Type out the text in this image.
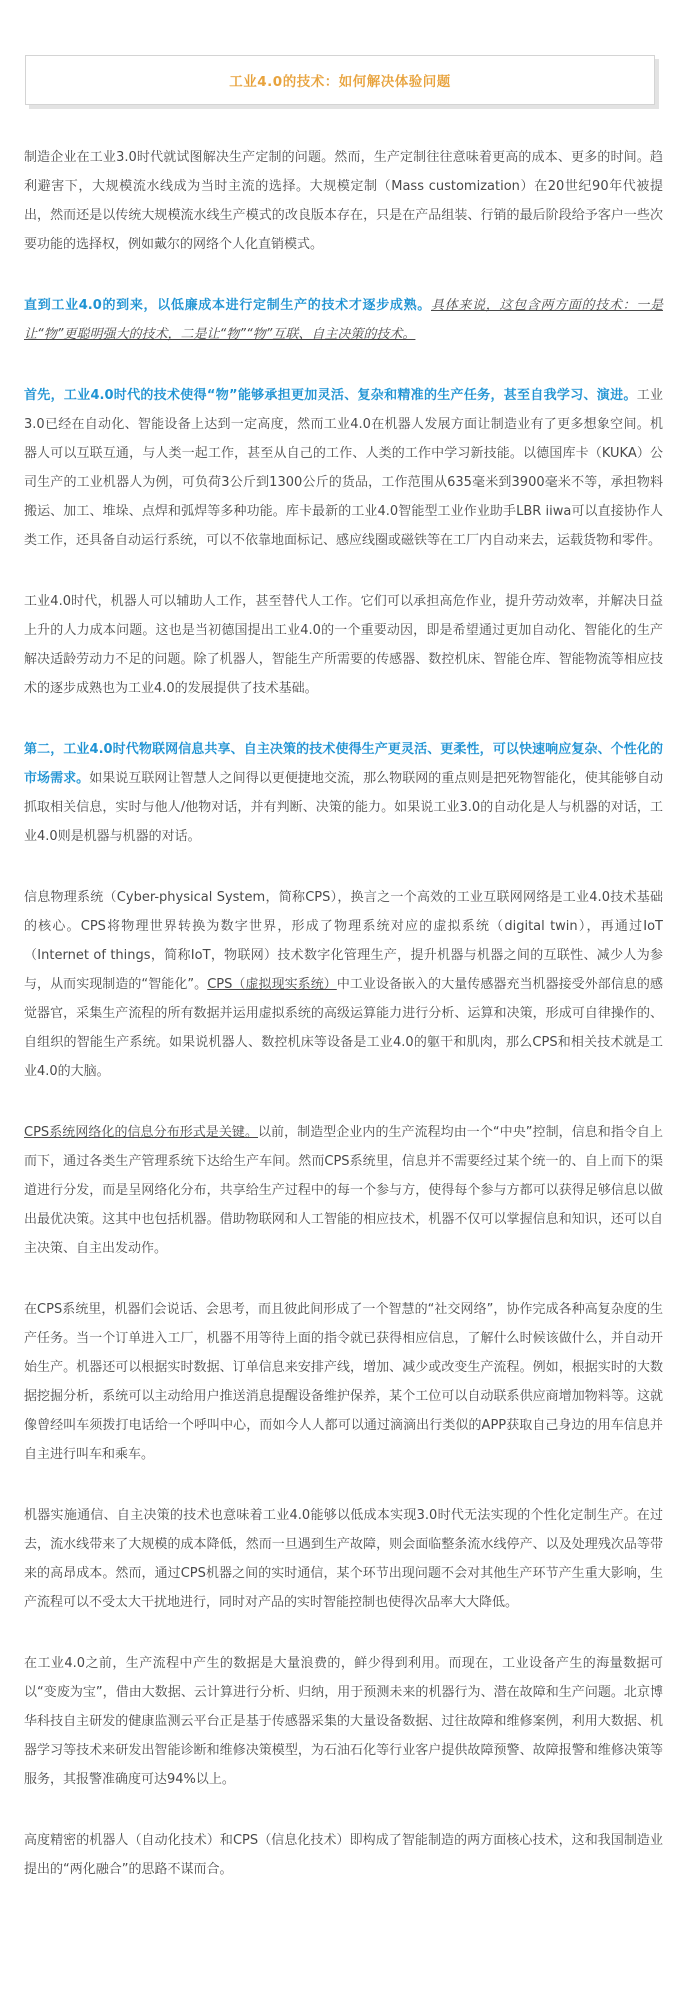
工业4.0的技术：如何解决体验问题

制造企业在工业3.0时代就试图解决生产定制的问题。然而，生产定制往往意味着更高的成本、更多的时间。趋利避害下，大规模流水线成为当时主流的选择。大规模定制（Mass customization）在20世纪90年代被提出，然而还是以传统大规模流水线生产模式的改良版本存在，只是在产品组装、行销的最后阶段给予客户一些次要功能的选择权，例如戴尔的网络个人化直销模式。

直到工业4.0的到来，以低廉成本进行定制生产的技术才逐步成熟。具体来说，这包含两方面的技术：一是让“物”更聪明强大的技术，二是让“物”“物”互联、自主决策的技术。

首先，工业4.0时代的技术使得“物”能够承担更加灵活、复杂和精准的生产任务，甚至自我学习、演进。工业3.0已经在自动化、智能设备上达到一定高度，然而工业4.0在机器人发展方面让制造业有了更多想象空间。机器人可以互联互通，与人类一起工作，甚至从自己的工作、人类的工作中学习新技能。以德国库卡（KUKA）公司生产的工业机器人为例，可负荷3公斤到1300公斤的货品，工作范围从635毫米到3900毫米不等，承担物料搬运、加工、堆垛、点焊和弧焊等多种功能。库卡最新的工业4.0智能型工业作业助手LBR iiwa可以直接协作人类工作，还具备自动运行系统，可以不依靠地面标记、感应线圈或磁铁等在工厂内自动来去，运载货物和零件。

工业4.0时代，机器人可以辅助人工作，甚至替代人工作。它们可以承担高危作业，提升劳动效率，并解决日益上升的人力成本问题。这也是当初德国提出工业4.0的一个重要动因，即是希望通过更加自动化、智能化的生产解决适龄劳动力不足的问题。除了机器人，智能生产所需要的传感器、数控机床、智能仓库、智能物流等相应技术的逐步成熟也为工业4.0的发展提供了技术基础。

第二，工业4.0时代物联网信息共享、自主决策的技术使得生产更灵活、更柔性，可以快速响应复杂、个性化的市场需求。如果说互联网让智慧人之间得以更便捷地交流，那么物联网的重点则是把死物智能化，使其能够自动抓取相关信息，实时与他人/他物对话，并有判断、决策的能力。如果说工业3.0的自动化是人与机器的对话，工业4.0则是机器与机器的对话。

信息物理系统（Cyber-physical System，简称CPS），换言之一个高效的工业互联网网络是工业4.0技术基础的核心。CPS将物理世界转换为数字世界，形成了物理系统对应的虚拟系统（digital twin），再通过IoT（Internet of things，简称IoT，物联网）技术数字化管理生产，提升机器与机器之间的互联性、减少人为参与，从而实现制造的“智能化”。CPS（虚拟现实系统）中工业设备嵌入的大量传感器充当机器接受外部信息的感觉器官，采集生产流程的所有数据并运用虚拟系统的高级运算能力进行分析、运算和决策，形成可自律操作的、自组织的智能生产系统。如果说机器人、数控机床等设备是工业4.0的躯干和肌肉，那么CPS和相关技术就是工业4.0的大脑。

CPS系统网络化的信息分布形式是关键。以前，制造型企业内的生产流程均由一个“中央”控制，信息和指令自上而下，通过各类生产管理系统下达给生产车间。然而CPS系统里，信息并不需要经过某个统一的、自上而下的渠道进行分发，而是呈网络化分布，共享给生产过程中的每一个参与方，使得每个参与方都可以获得足够信息以做出最优决策。这其中也包括机器。借助物联网和人工智能的相应技术，机器不仅可以掌握信息和知识，还可以自主决策、自主出发动作。

在CPS系统里，机器们会说话、会思考，而且彼此间形成了一个智慧的“社交网络”，协作完成各种高复杂度的生产任务。当一个订单进入工厂，机器不用等待上面的指令就已获得相应信息，了解什么时候该做什么，并自动开始生产。机器还可以根据实时数据、订单信息来安排产线，增加、减少或改变生产流程。例如，根据实时的大数据挖掘分析，系统可以主动给用户推送消息提醒设备维护保养，某个工位可以自动联系供应商增加物料等。这就像曾经叫车须拨打电话给一个呼叫中心，而如今人人都可以通过滴滴出行类似的APP获取自己身边的用车信息并自主进行叫车和乘车。

机器实施通信、自主决策的技术也意味着工业4.0能够以低成本实现3.0时代无法实现的个性化定制生产。在过去，流水线带来了大规模的成本降低，然而一旦遇到生产故障，则会面临整条流水线停产、以及处理残次品等带来的高昂成本。然而，通过CPS机器之间的实时通信，某个环节出现问题不会对其他生产环节产生重大影响，生产流程可以不受太大干扰地进行，同时对产品的实时智能控制也使得次品率大大降低。

在工业4.0之前，生产流程中产生的数据是大量浪费的，鲜少得到利用。而现在，工业设备产生的海量数据可以“变废为宝”，借由大数据、云计算进行分析、归纳，用于预测未来的机器行为、潜在故障和生产问题。北京博华科技自主研发的健康监测云平台正是基于传感器采集的大量设备数据、过往故障和维修案例，利用大数据、机器学习等技术来研发出智能诊断和维修决策模型，为石油石化等行业客户提供故障预警、故障报警和维修决策等服务，其报警准确度可达94%以上。

高度精密的机器人（自动化技术）和CPS（信息化技术）即构成了智能制造的两方面核心技术，这和我国制造业提出的“两化融合”的思路不谋而合。
